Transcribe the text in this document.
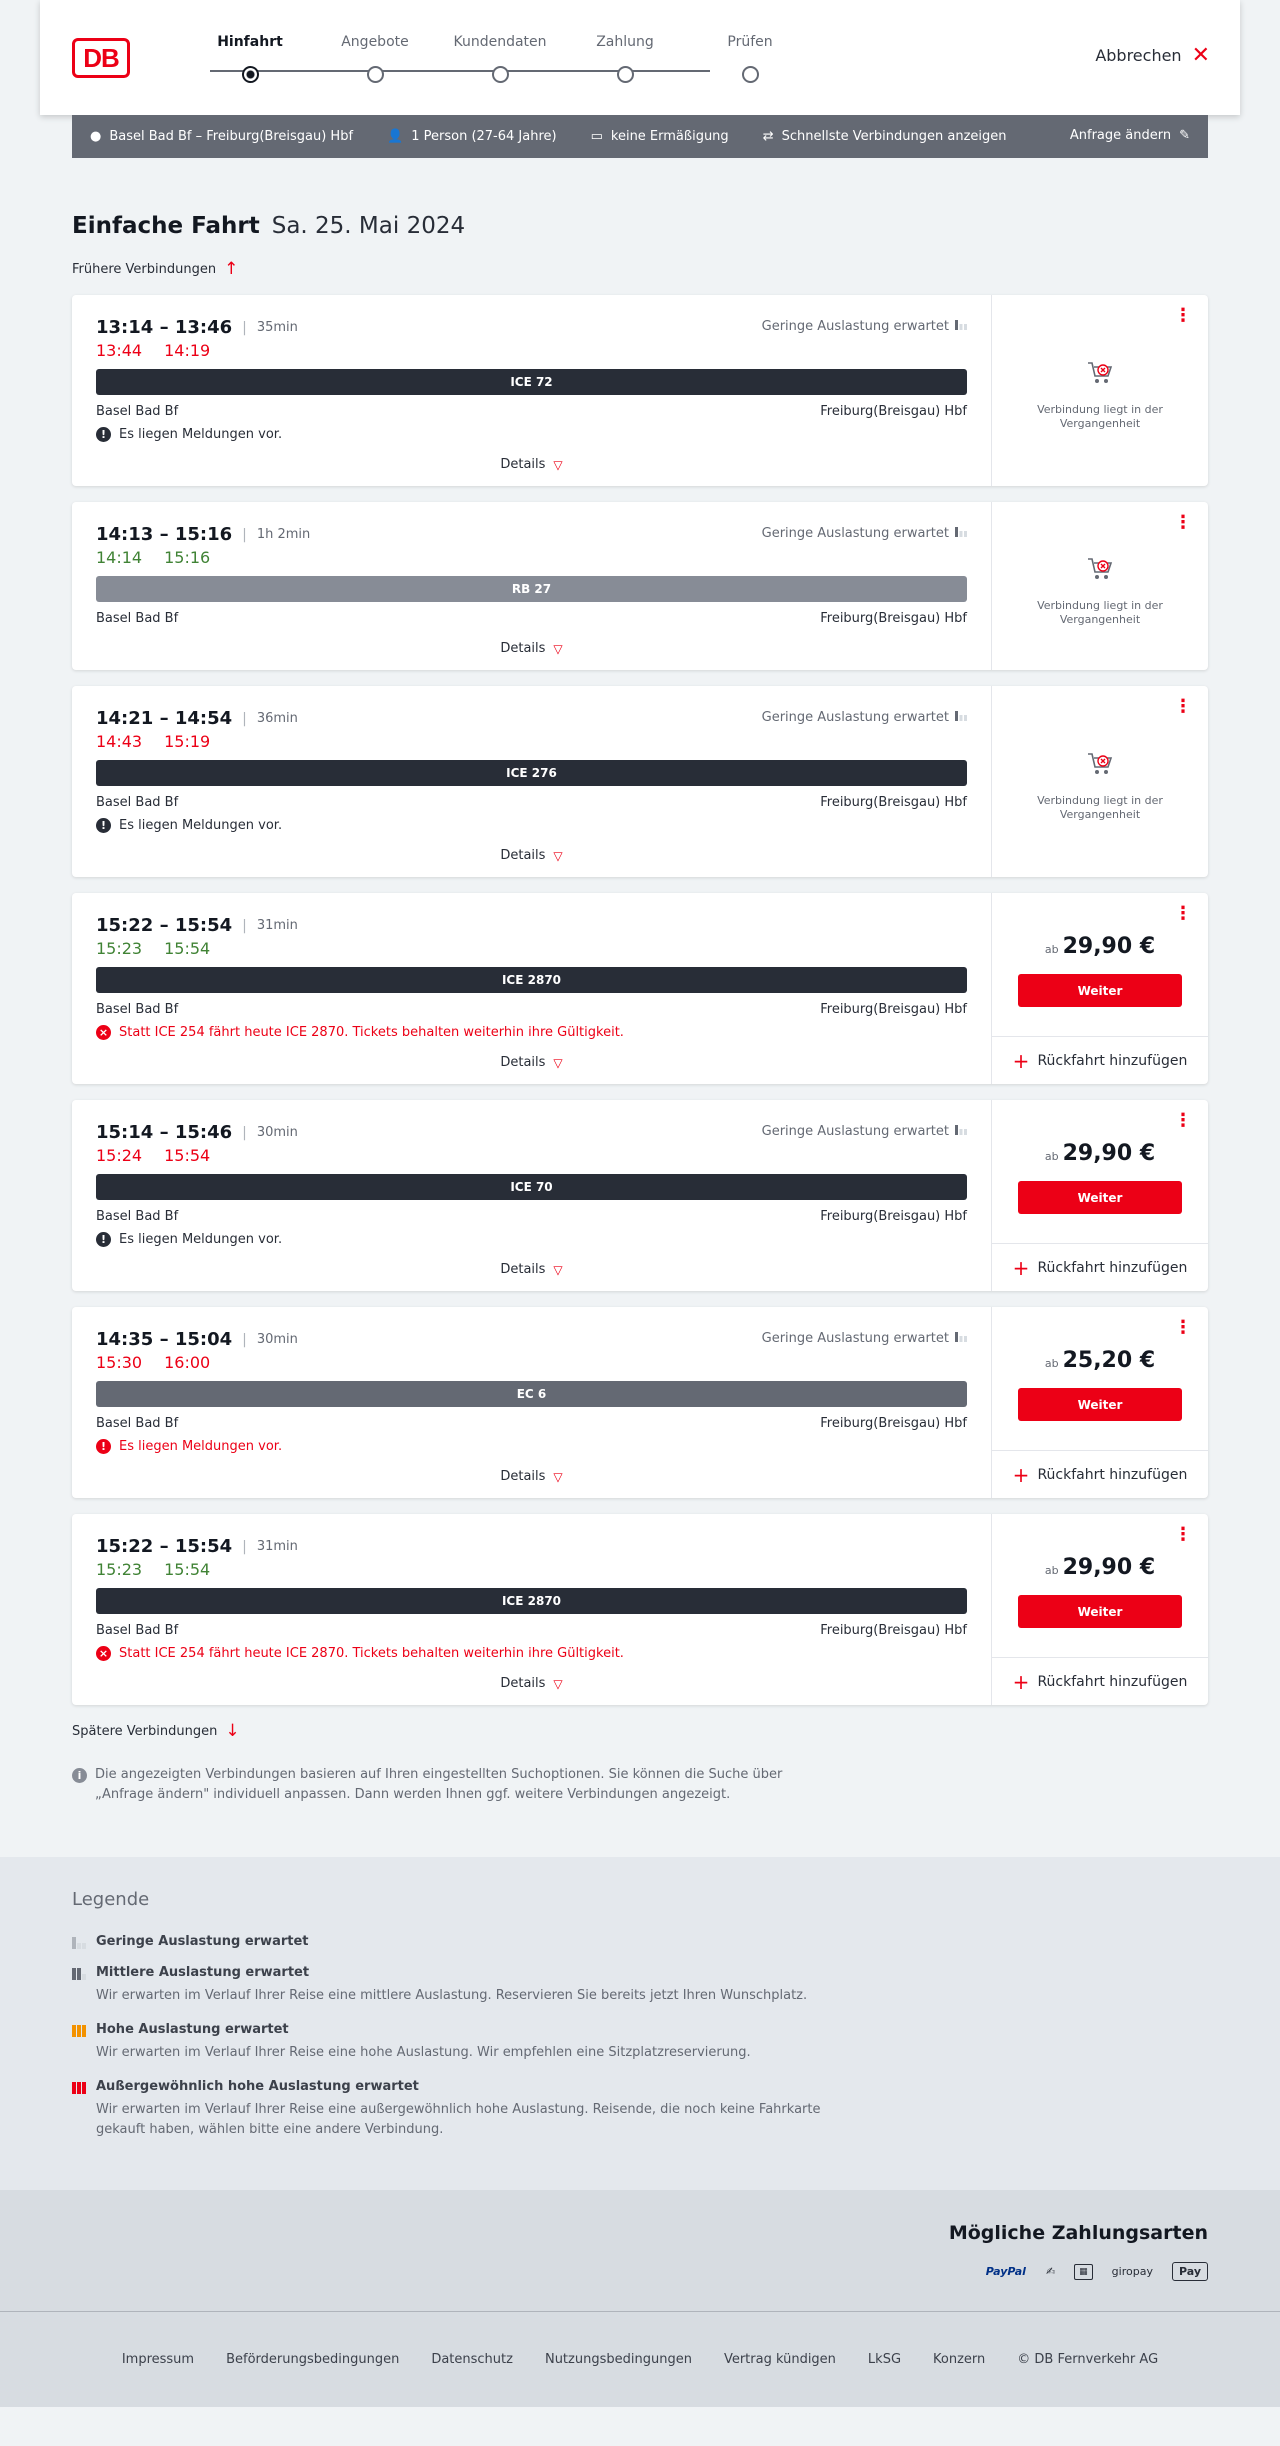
DB
Hinfahrt	Angebote	Kundendaten	Zahlung	Prüfen
Abbrechen ✕
● Basel Bad Bf – Freiburg(Breisgau) Hbf	👤 1 Person (27-64 Jahre)	▭ keine Ermäßigung	⇄ Schnellste Verbindungen anzeigen	Anfrage ändern ✎
Einfache Fahrt Sa. 25. Mai 2024
Frühere Verbindungen ↑
13:14 – 13:46 | 35min	Geringe Auslastung erwartet
13:44 14:19
ICE 72
Basel Bad Bf	Freiburg(Breisgau) Hbf
! Es liegen Meldungen vor.
Details ▽
⋮
Verbindung liegt in der Vergangenheit
14:13 – 15:16 | 1h 2min	Geringe Auslastung erwartet
14:14 15:16
RB 27
Basel Bad Bf	Freiburg(Breisgau) Hbf
Details ▽
⋮
Verbindung liegt in der Vergangenheit
14:21 – 14:54 | 36min	Geringe Auslastung erwartet
14:43 15:19
ICE 276
Basel Bad Bf	Freiburg(Breisgau) Hbf
! Es liegen Meldungen vor.
Details ▽
⋮
Verbindung liegt in der Vergangenheit
15:22 – 15:54 | 31min
15:23 15:54
ICE 2870
Basel Bad Bf	Freiburg(Breisgau) Hbf
× Statt ICE 254 fährt heute ICE 2870. Tickets behalten weiterhin ihre Gültigkeit.
Details ▽
⋮
ab 29,90 €
Weiter
+ Rückfahrt hinzufügen
15:14 – 15:46 | 30min	Geringe Auslastung erwartet
15:24 15:54
ICE 70
Basel Bad Bf	Freiburg(Breisgau) Hbf
! Es liegen Meldungen vor.
Details ▽
⋮
ab 29,90 €
Weiter
+ Rückfahrt hinzufügen
14:35 – 15:04 | 30min	Geringe Auslastung erwartet
15:30 16:00
EC 6
Basel Bad Bf	Freiburg(Breisgau) Hbf
! Es liegen Meldungen vor.
Details ▽
⋮
ab 25,20 €
Weiter
+ Rückfahrt hinzufügen
15:22 – 15:54 | 31min
15:23 15:54
ICE 2870
Basel Bad Bf	Freiburg(Breisgau) Hbf
× Statt ICE 254 fährt heute ICE 2870. Tickets behalten weiterhin ihre Gültigkeit.
Details ▽
⋮
ab 29,90 €
Weiter
+ Rückfahrt hinzufügen
Spätere Verbindungen ↓
i	Die angezeigten Verbindungen basieren auf Ihren eingestellten Suchoptionen. Sie können die Suche über „Anfrage ändern" individuell anpassen. Dann werden Ihnen ggf. weitere Verbindungen angezeigt.
Legende
Geringe Auslastung erwartet
Mittlere Auslastung erwartet
Wir erwarten im Verlauf Ihrer Reise eine mittlere Auslastung. Reservieren Sie bereits jetzt Ihren Wunschplatz.
Hohe Auslastung erwartet
Wir erwarten im Verlauf Ihrer Reise eine hohe Auslastung. Wir empfehlen eine Sitzplatzreservierung.
Außergewöhnlich hohe Auslastung erwartet
Wir erwarten im Verlauf Ihrer Reise eine außergewöhnlich hohe Auslastung. Reisende, die noch keine Fahrkarte gekauft haben, wählen bitte eine andere Verbindung.
Mögliche Zahlungsarten
PayPal ✍	▦	giropay	Pay
Impressum Beförderungsbedingungen Datenschutz Nutzungsbedingungen Vertrag kündigen LkSG Konzern © DB Fernverkehr AG
